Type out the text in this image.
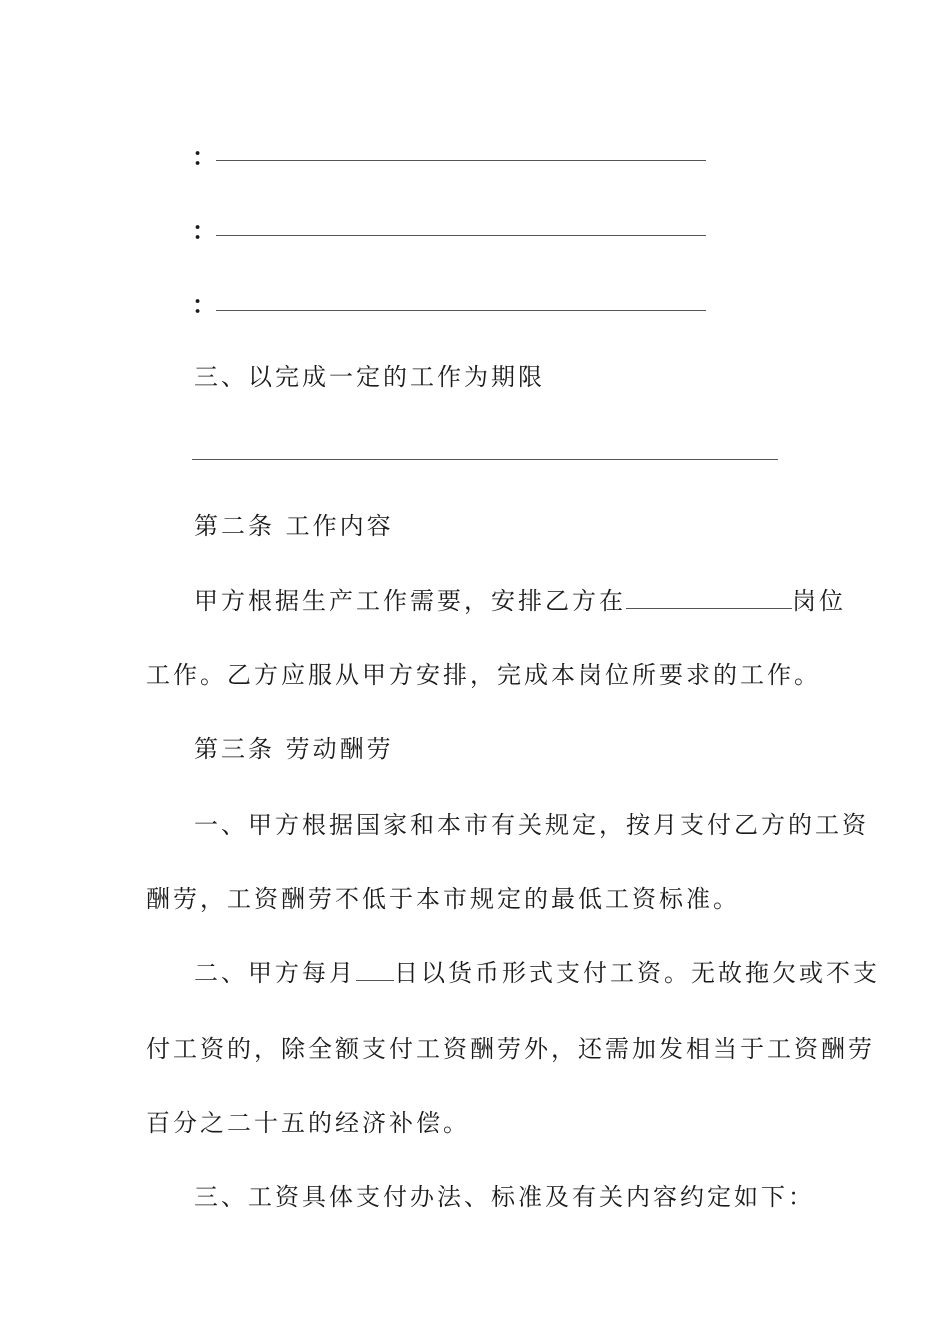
：
：
：
三、以完成一定的工作为期限
第二条 工作内容
甲方根据生产工作需要，安排乙方在	岗位
工作。乙方应服从甲方安排，完成本岗位所要求的工作。
第三条 劳动酬劳
一、甲方根据国家和本市有关规定，按月支付乙方的工资
酬劳，工资酬劳不低于本市规定的最低工资标准。
二、甲方每月 日以货币形式支付工资。无故拖欠或不支
付工资的，除全额支付工资酬劳外，还需加发相当于工资酬劳
百分之二十五的经济补偿。
三、工资具体支付办法、标准及有关内容约定如下：
